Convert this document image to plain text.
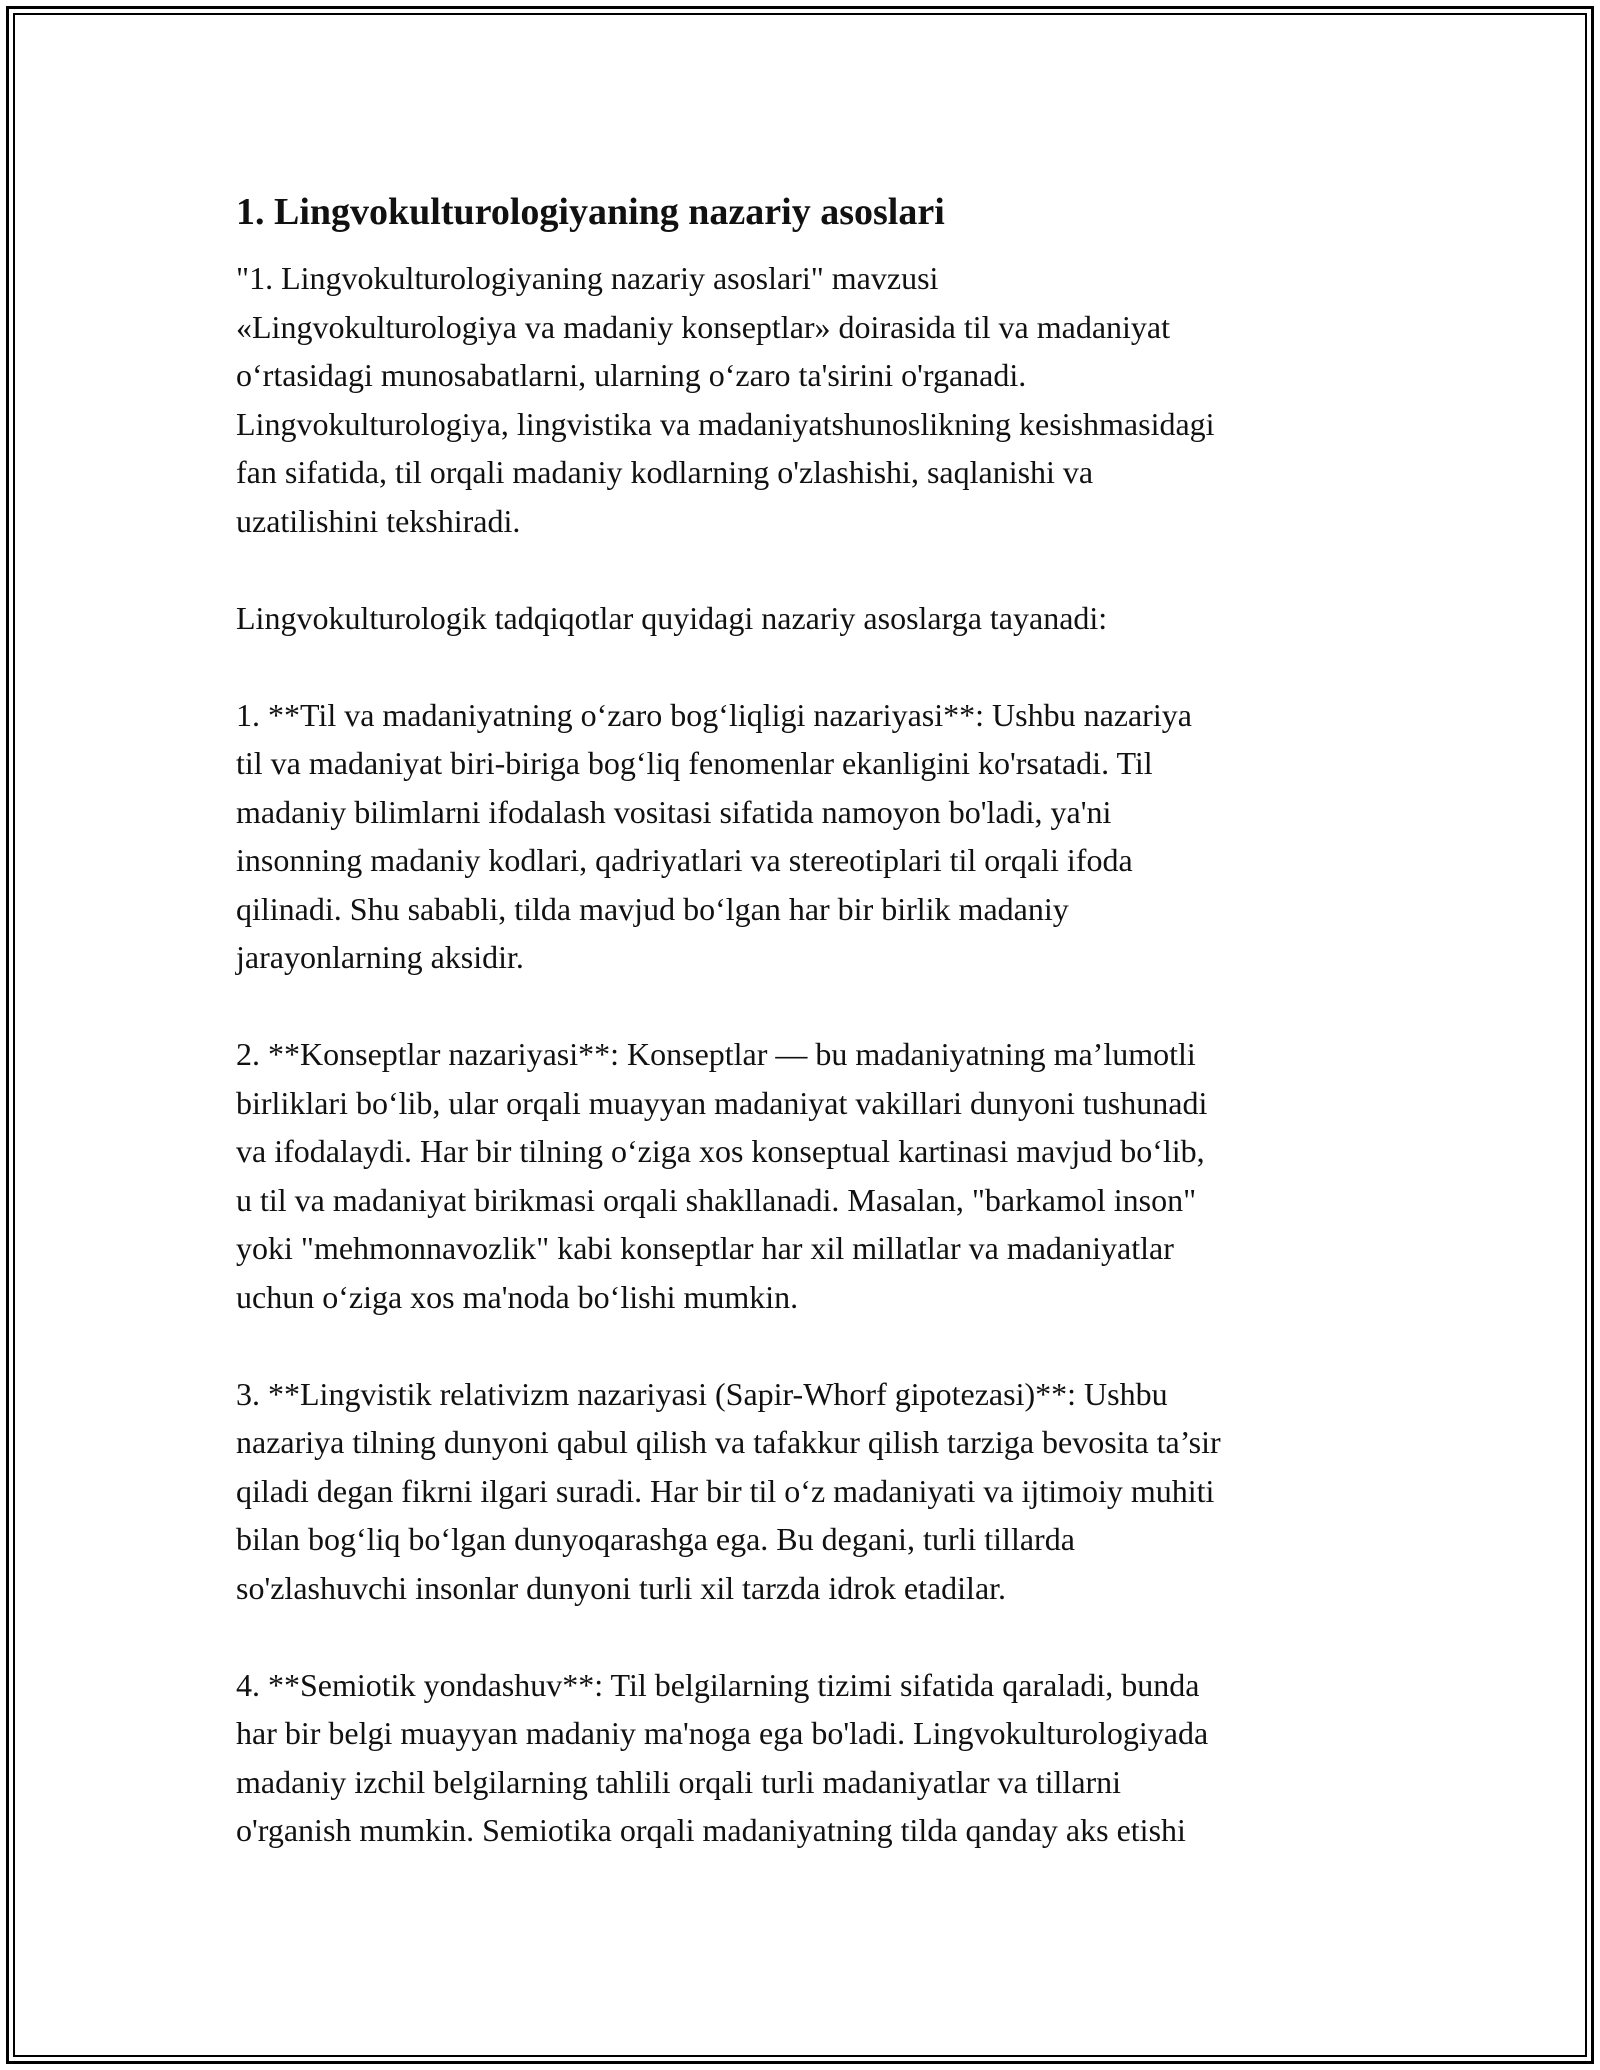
1. Lingvokulturologiyaning nazariy asoslari

"1. Lingvokulturologiyaning nazariy asoslari" mavzusi
«Lingvokulturologiya va madaniy konseptlar» doirasida til va madaniyat
o‘rtasidagi munosabatlarni, ularning o‘zaro ta'sirini o'rganadi.
Lingvokulturologiya, lingvistika va madaniyatshunoslikning kesishmasidagi
fan sifatida, til orqali madaniy kodlarning o'zlashishi, saqlanishi va
uzatilishini tekshiradi.

Lingvokulturologik tadqiqotlar quyidagi nazariy asoslarga tayanadi:

1. **Til va madaniyatning o‘zaro bog‘liqligi nazariyasi**: Ushbu nazariya
til va madaniyat biri-biriga bog‘liq fenomenlar ekanligini ko'rsatadi. Til
madaniy bilimlarni ifodalash vositasi sifatida namoyon bo'ladi, ya'ni
insonning madaniy kodlari, qadriyatlari va stereotiplari til orqali ifoda
qilinadi. Shu sababli, tilda mavjud bo‘lgan har bir birlik madaniy
jarayonlarning aksidir.

2. **Konseptlar nazariyasi**: Konseptlar — bu madaniyatning ma’lumotli
birliklari bo‘lib, ular orqali muayyan madaniyat vakillari dunyoni tushunadi
va ifodalaydi. Har bir tilning o‘ziga xos konseptual kartinasi mavjud bo‘lib,
u til va madaniyat birikmasi orqali shakllanadi. Masalan, "barkamol inson"
yoki "mehmonnavozlik" kabi konseptlar har xil millatlar va madaniyatlar
uchun o‘ziga xos ma'noda bo‘lishi mumkin.

3. **Lingvistik relativizm nazariyasi (Sapir-Whorf gipotezasi)**: Ushbu
nazariya tilning dunyoni qabul qilish va tafakkur qilish tarziga bevosita ta’sir
qiladi degan fikrni ilgari suradi. Har bir til o‘z madaniyati va ijtimoiy muhiti
bilan bog‘liq bo‘lgan dunyoqarashga ega. Bu degani, turli tillarda
so'zlashuvchi insonlar dunyoni turli xil tarzda idrok etadilar.

4. **Semiotik yondashuv**: Til belgilarning tizimi sifatida qaraladi, bunda
har bir belgi muayyan madaniy ma'noga ega bo'ladi. Lingvokulturologiyada
madaniy izchil belgilarning tahlili orqali turli madaniyatlar va tillarni
o'rganish mumkin. Semiotika orqali madaniyatning tilda qanday aks etishi
